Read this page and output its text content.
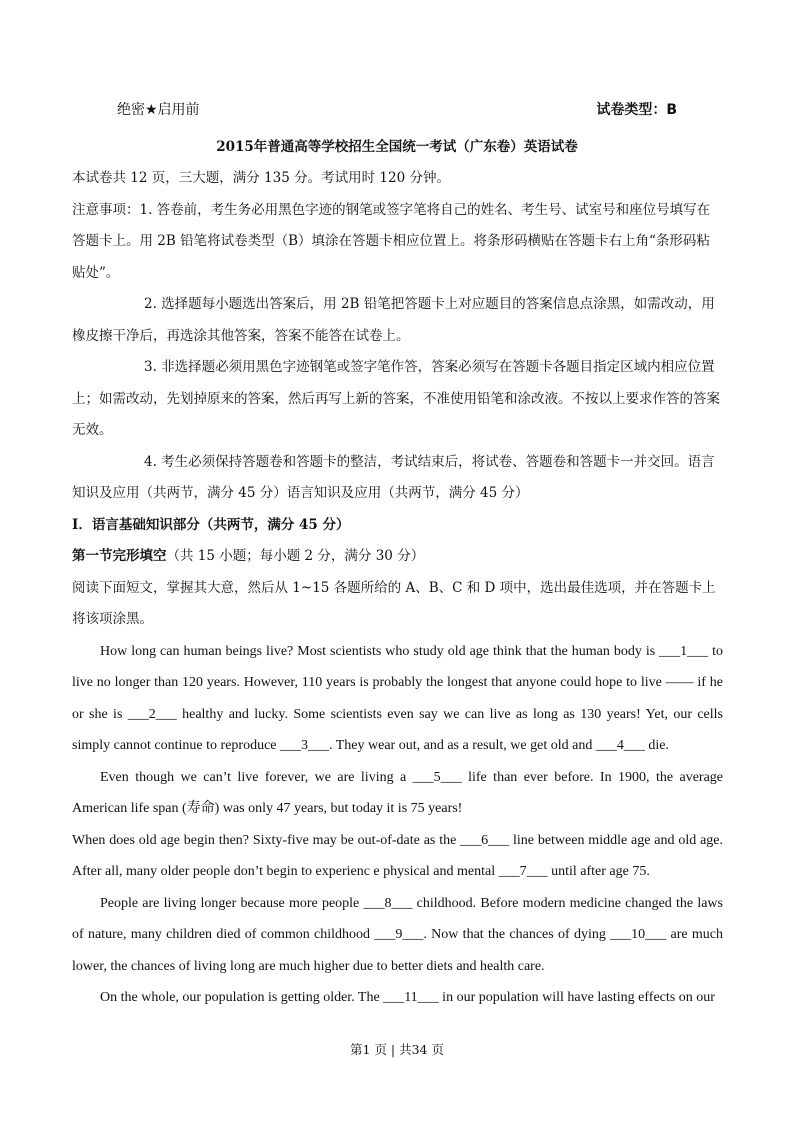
绝密★启用前	试卷类型：B
2015年普通高等学校招生全国统一考试（广东卷）英语试卷

本试卷共 12 页，三大题，满分 135 分。考试用时 120 分钟。

注意事项：1. 答卷前，考生务必用黑色字迹的钢笔或签字笔将自己的姓名、考生号、试室号和座位号填写在答题卡上。用 2B 铅笔将试卷类型（B）填涂在答题卡相应位置上。将条形码横贴在答题卡右上角“条形码粘贴处”。

2. 选择题每小题选出答案后，用 2B 铅笔把答题卡上对应题目的答案信息点涂黑，如需改动，用橡皮擦干净后，再选涂其他答案，答案不能答在试卷上。

3. 非选择题必须用黑色字迹钢笔或签字笔作答，答案必须写在答题卡各题目指定区域内相应位置上；如需改动，先划掉原来的答案，然后再写上新的答案，不准使用铅笔和涂改液。不按以上要求作答的答案无效。

4. 考生必须保持答题卷和答题卡的整洁，考试结束后，将试卷、答题卷和答题卡一并交回。语言知识及应用（共两节，满分 45 分）语言知识及应用（共两节，满分 45 分）

I．语言基础知识部分（共两节，满分 45 分）

第一节完形填空（共 15 小题；每小题 2 分，满分 30 分）

阅读下面短文，掌握其大意，然后从 1~15 各题所给的 A、B、C 和 D 项中，选出最佳选项，并在答题卡上将该项涂黑。

How long can human beings live? Most scientists who study old age think that the human body is ___1___ to live no longer than 120 years. However, 110 years is probably the longest that anyone could hope to live —— if he or she is ___2___ healthy and lucky. Some scientists even say we can live as long as 130 years! Yet, our cells simply cannot continue to reproduce ___3___. They wear out, and as a result, we get old and ___4___ die.

Even though we can’t live forever, we are living a ___5___ life than ever before. In 1900, the average American life span (寿命) was only 47 years, but today it is 75 years!

When does old age begin then? Sixty-five may be out-of-date as the ___6___ line between middle age and old age. After all, many older people don’t begin to experienc e physical and mental ___7___ until after age 75.

People are living longer because more people ___8___ childhood. Before modern medicine changed the laws of nature, many children died of common childhood ___9___. Now that the chances of dying ___10___ are much lower, the chances of living long are much higher due to better diets and health care.

On the whole, our population is getting older. The ___11___ in our population will have lasting effects on our

第1 页 | 共34 页
